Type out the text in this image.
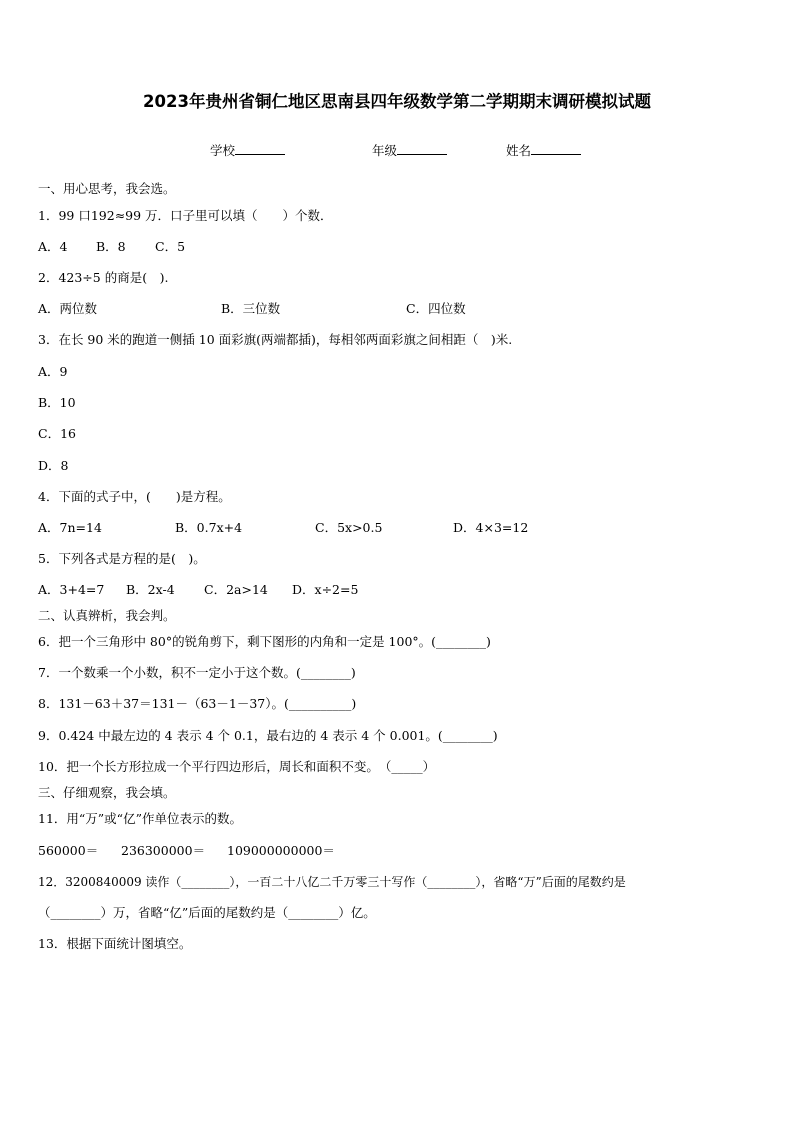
2023年贵州省铜仁地区思南县四年级数学第二学期期末调研模拟试题
学校	年级	姓名
一、用心思考，我会选。
1．99 口192≈99 万．口子里可以填（　　）个数．
A．4 B．8 C．5
2．423÷5 的商是(　).
A．两位数	B．三位数	C．四位数
3．在长 90 米的跑道一侧插 10 面彩旗(两端都插)，每相邻两面彩旗之间相距（　)米.
A．9
B．10
C．16
D．8
4．下面的式子中，(　　)是方程。
A．7n=14	B．0.7x+4	C．5x>0.5	D．4×3=12
5．下列各式是方程的是(　)。
A．3+4=7 B．2x-4 C．2a>14 D．x÷2=5
二、认真辨析，我会判。
6．把一个三角形中 80°的锐角剪下，剩下图形的内角和一定是 100°。(________)
7．一个数乘一个小数，积不一定小于这个数。(________)
8．131－63＋37＝131－（63－1－37）。(__________)
9．0.424 中最左边的 4 表示 4 个 0.1，最右边的 4 表示 4 个 0.001。(________)
10．把一个长方形拉成一个平行四边形后，周长和面积不变。　（_____）
三、仔细观察，我会填。
11．用“万”或“亿”作单位表示的数。
560000＝ 236300000＝ 109000000000＝
12．3200840009 读作（________），一百二十八亿二千万零三十写作（________），省略“万”后面的尾数约是
（________）万，省略“亿”后面的尾数约是（________）亿。
13．根据下面统计图填空。
